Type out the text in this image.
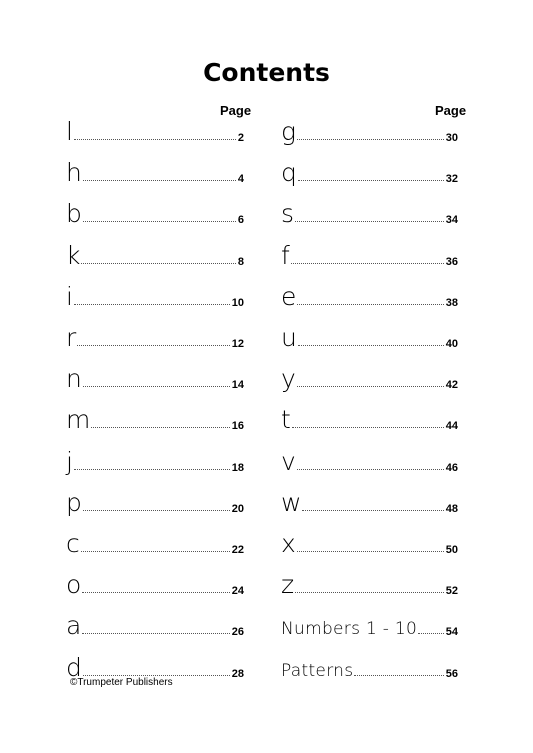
Contents
Page	Page
l	2
h	4
b	6
k	8
i	10
r	12
n	14
m	16
j	18
p	20
c	22
o	24
a	26
d	28
g	30
q	32
s	34
f	36
e	38
u	40
y	42
t	44
v	46
w	48
x	50
z	52
Numbers 1 - 10	54
Patterns	56
©Trumpeter Publishers
